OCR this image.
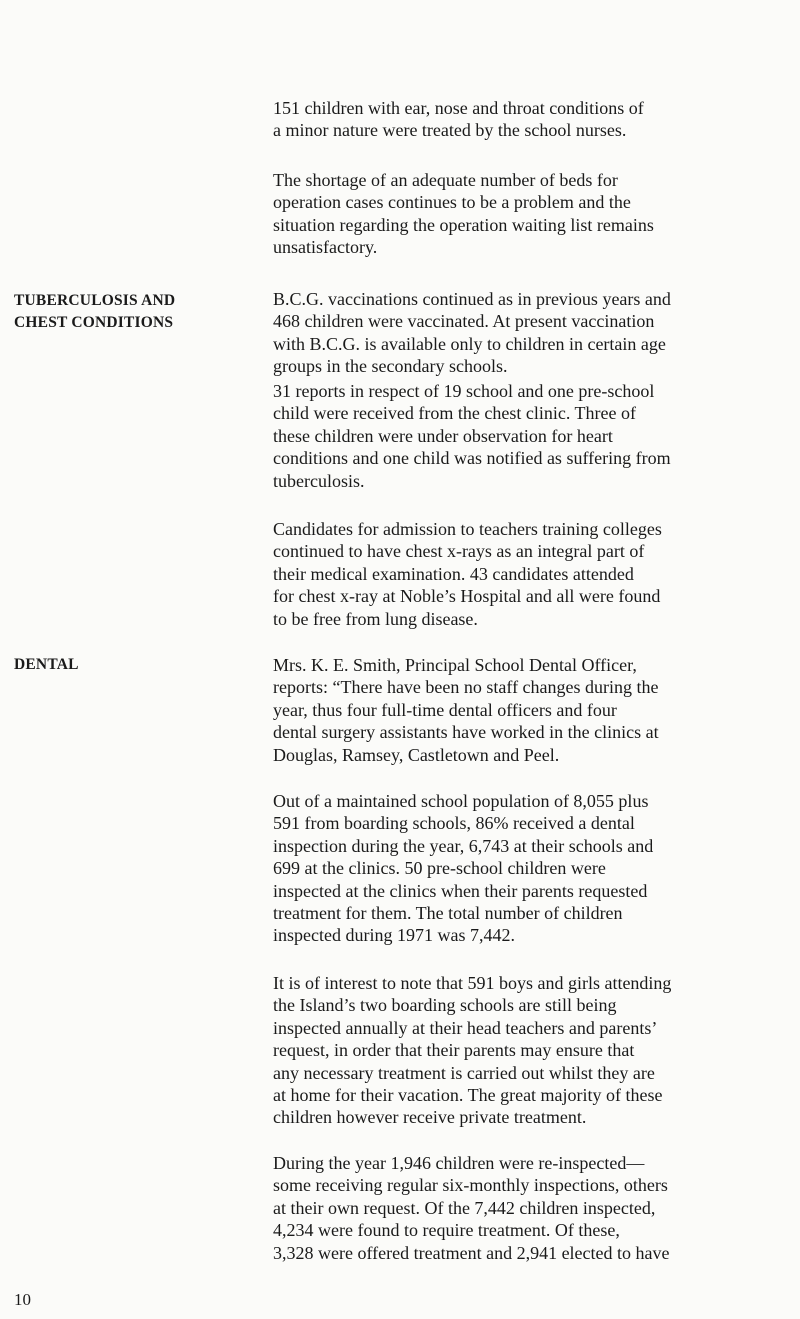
TUBERCULOSIS AND
CHEST CONDITIONS
DENTAL

151 children with ear, nose and throat conditions of
a minor nature were treated by the school nurses.

The shortage of an adequate number of beds for
operation cases continues to be a problem and the
situation regarding the operation waiting list remains
unsatisfactory.

B.C.G. vaccinations continued as in previous years and
468 children were vaccinated. At present vaccination
with B.C.G. is available only to children in certain age
groups in the secondary schools.

31 reports in respect of 19 school and one pre-school
child were received from the chest clinic. Three of
these children were under observation for heart
conditions and one child was notified as suffering from
tuberculosis.

Candidates for admission to teachers training colleges
continued to have chest x-rays as an integral part of
their medical examination. 43 candidates attended
for chest x-ray at Noble’s Hospital and all were found
to be free from lung disease.

Mrs. K. E. Smith, Principal School Dental Officer,
reports: “There have been no staff changes during the
year, thus four full-time dental officers and four
dental surgery assistants have worked in the clinics at
Douglas, Ramsey, Castletown and Peel.

Out of a maintained school population of 8,055 plus
591 from boarding schools, 86% received a dental
inspection during the year, 6,743 at their schools and
699 at the clinics. 50 pre-school children were
inspected at the clinics when their parents requested
treatment for them. The total number of children
inspected during 1971 was 7,442.

It is of interest to note that 591 boys and girls attending
the Island’s two boarding schools are still being
inspected annually at their head teachers and parents’
request, in order that their parents may ensure that
any necessary treatment is carried out whilst they are
at home for their vacation. The great majority of these
children however receive private treatment.

During the year 1,946 children were re-inspected—
some receiving regular six-monthly inspections, others
at their own request. Of the 7,442 children inspected,
4,234 were found to require treatment. Of these,
3,328 were offered treatment and 2,941 elected to have

10
